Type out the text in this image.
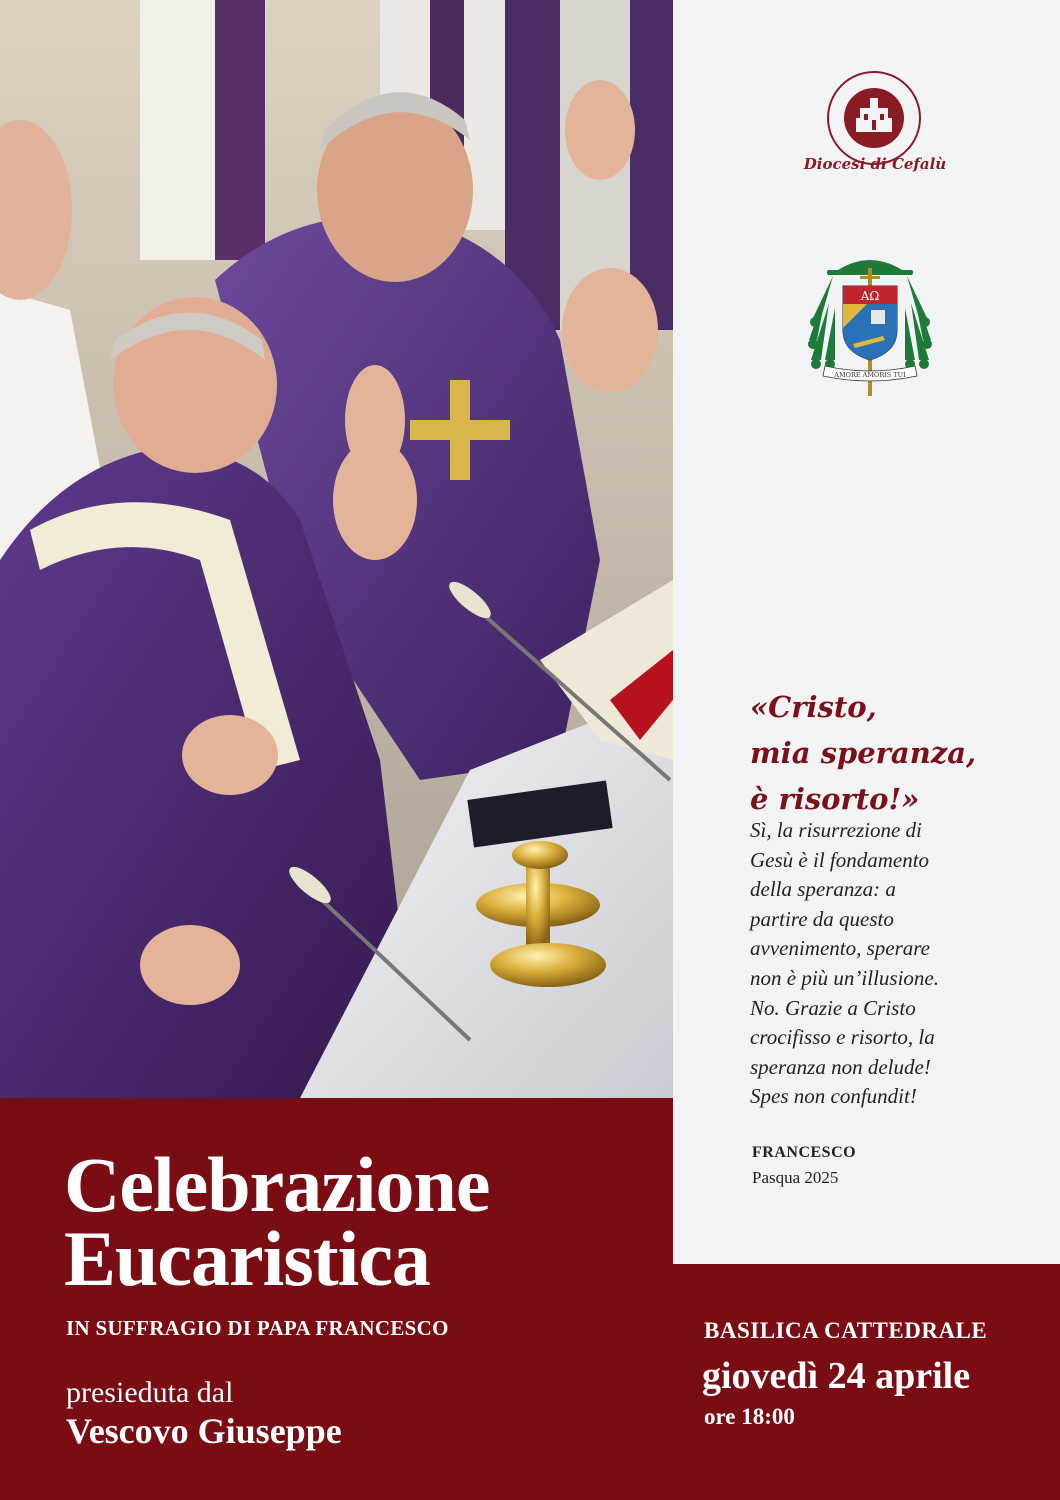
Diocesi di Cefalù
ΑΩ
AMORE AMORIS TUI
«Cristo,
mia speranza,
è risorto!»
Sì, la risurrezione di
Gesù è il fondamento
della speranza: a
partire da questo
avvenimento, sperare
non è più un’illusione.
No. Grazie a Cristo
crocifisso e risorto, la
speranza non delude!
Spes non confundit!
FRANCESCO
Pasqua 2025
Celebrazione
Eucaristica
IN SUFFRAGIO DI PAPA FRANCESCO
presieduta dal
Vescovo Giuseppe
BASILICA CATTEDRALE
giovedì 24 aprile
ore 18:00
